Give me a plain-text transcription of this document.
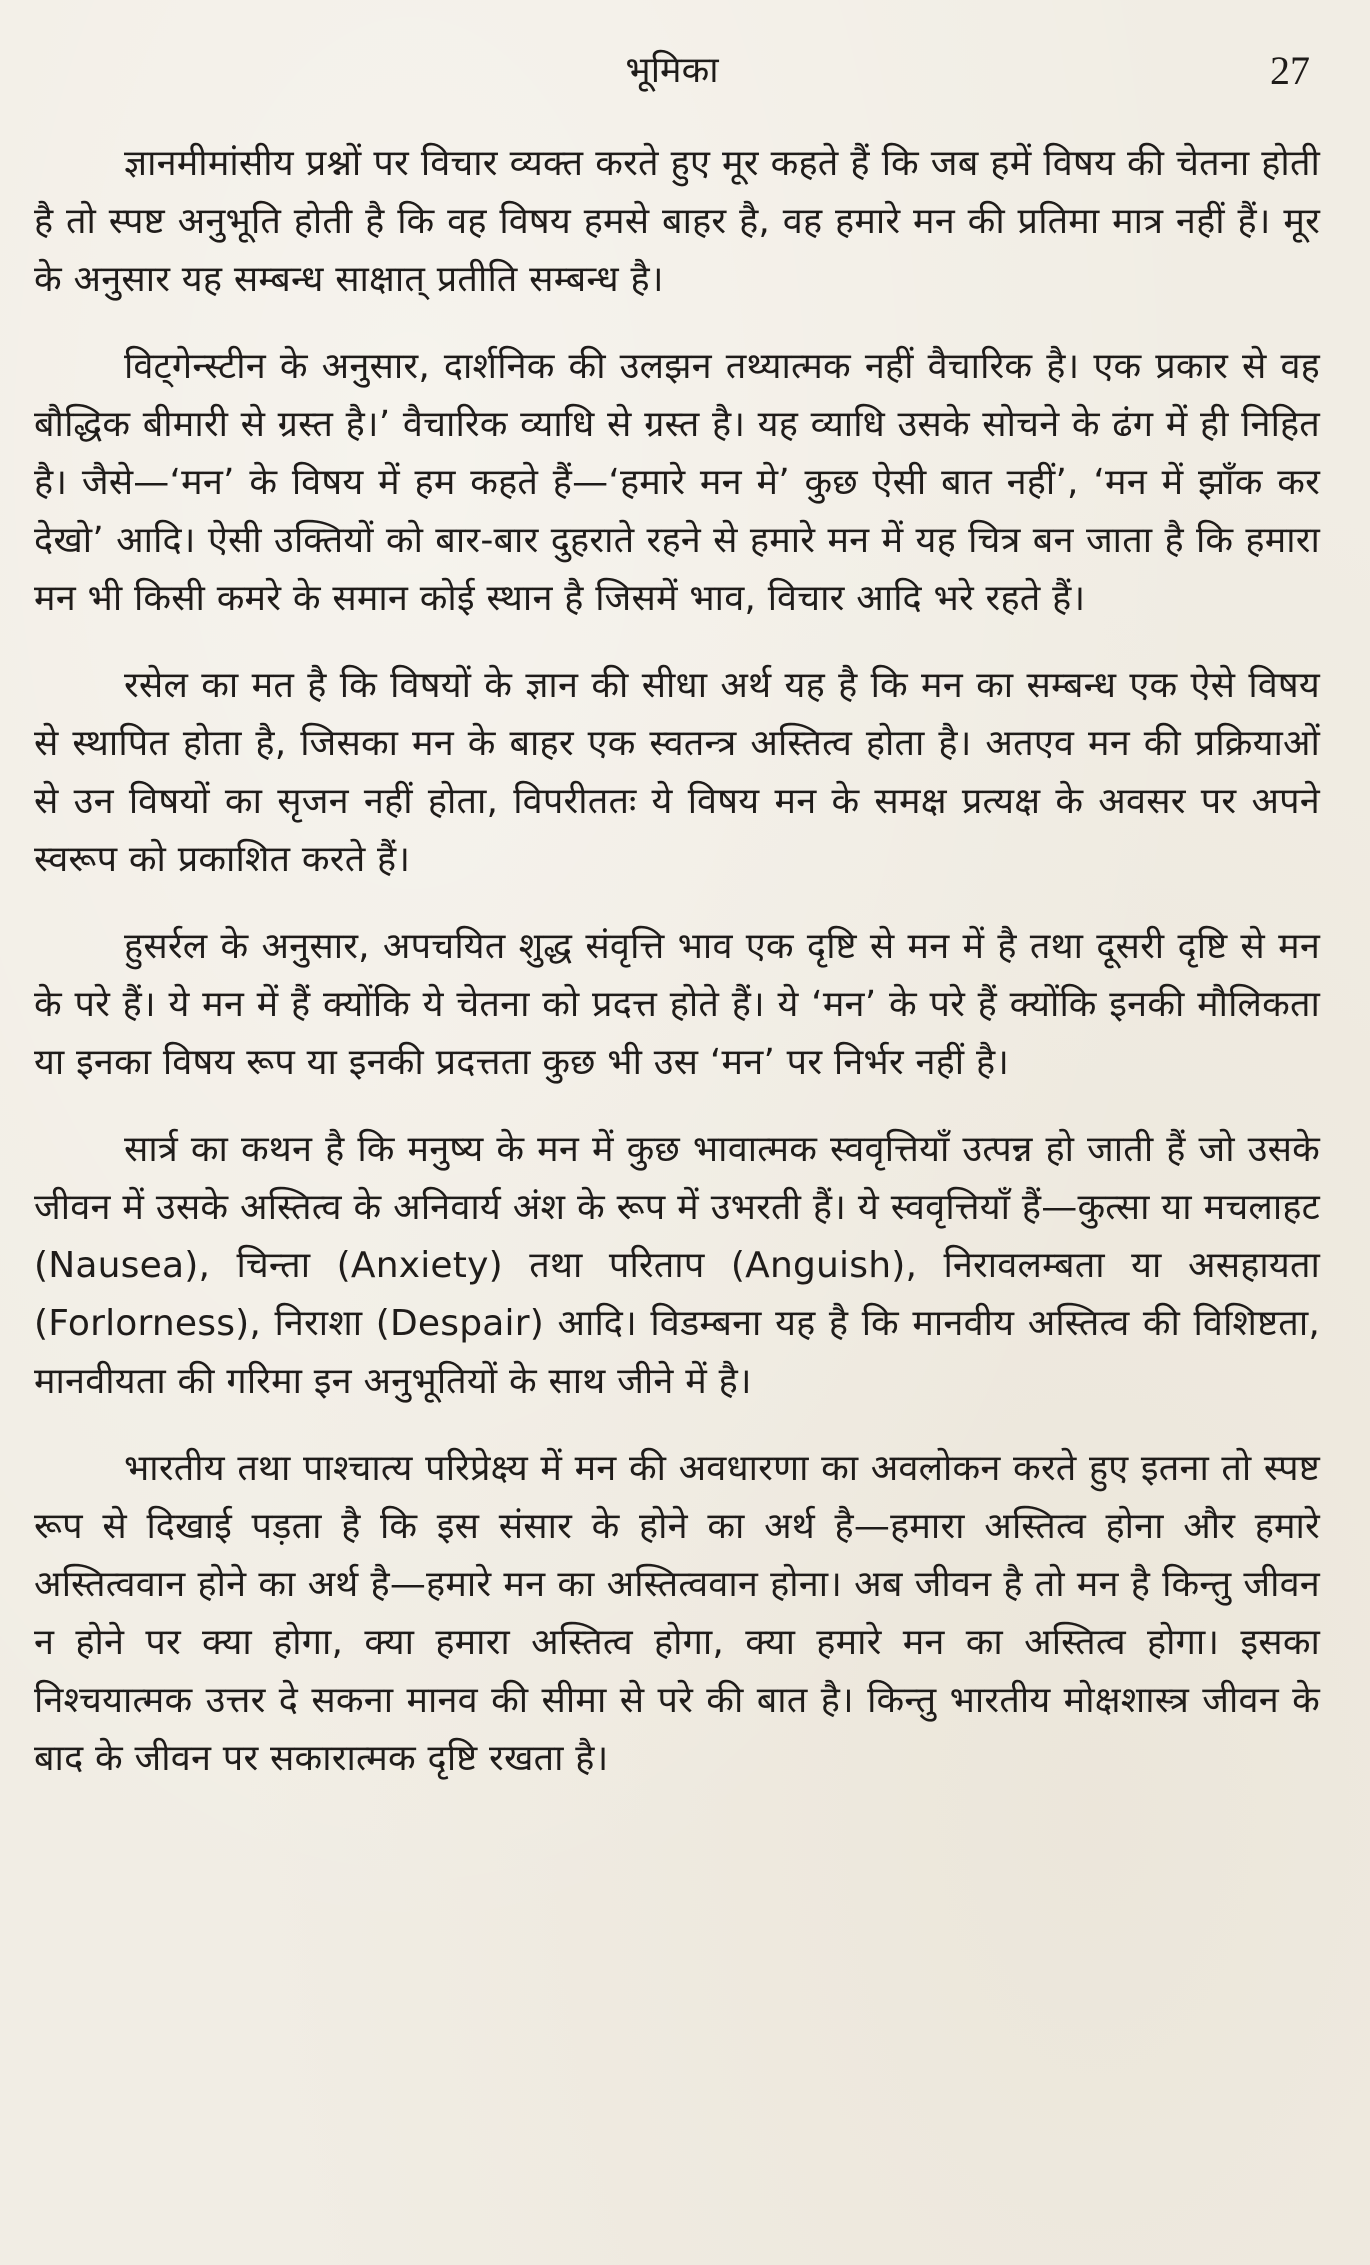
भूमिका	27

ज्ञानमीमांसीय प्रश्नों पर विचार व्यक्त करते हुए मूर कहते हैं कि जब हमें विषय की चेतना होती है तो स्पष्ट अनुभूति होती है कि वह विषय हमसे बाहर है, वह हमारे मन की प्रतिमा मात्र नहीं हैं। मूर के अनुसार यह सम्बन्ध साक्षात् प्रतीति सम्बन्ध है।

विट्गेन्स्टीन के अनुसार, दार्शनिक की उलझन तथ्यात्मक नहीं वैचारिक है। एक प्रकार से वह बौद्धिक बीमारी से ग्रस्त है।’ वैचारिक व्याधि से ग्रस्त है। यह व्याधि उसके सोचने के ढंग में ही निहित है। जैसे—‘मन’ के विषय में हम कहते हैं—‘हमारे मन मे’ कुछ ऐसी बात नहीं’, ‘मन में झाँक कर देखो’ आदि। ऐसी उक्तियों को बार-बार दुहराते रहने से हमारे मन में यह चित्र बन जाता है कि हमारा मन भी किसी कमरे के समान कोई स्थान है जिसमें भाव, विचार आदि भरे रहते हैं।

रसेल का मत है कि विषयों के ज्ञान की सीधा अर्थ यह है कि मन का सम्बन्ध एक ऐसे विषय से स्थापित होता है, जिसका मन के बाहर एक स्वतन्त्र अस्तित्व होता है। अतएव मन की प्रक्रियाओं से उन विषयों का सृजन नहीं होता, विपरीततः ये विषय मन के समक्ष प्रत्यक्ष के अवसर पर अपने स्वरूप को प्रकाशित करते हैं।

हुसर्रल के अनुसार, अपचयित शुद्ध संवृत्ति भाव एक दृष्टि से मन में है तथा दूसरी दृष्टि से मन के परे हैं। ये मन में हैं क्योंकि ये चेतना को प्रदत्त होते हैं। ये ‘मन’ के परे हैं क्योंकि इनकी मौलिकता या इनका विषय रूप या इनकी प्रदत्तता कुछ भी उस ‘मन’ पर निर्भर नहीं है।

सार्त्र का कथन है कि मनुष्य के मन में कुछ भावात्मक स्ववृत्तियाँ उत्पन्न हो जाती हैं जो उसके जीवन में उसके अस्तित्व के अनिवार्य अंश के रूप में उभरती हैं। ये स्ववृत्तियाँ हैं—कुत्सा या मचलाहट (Nausea), चिन्ता (Anxiety) तथा परिताप (Anguish), निरावलम्बता या असहायता (Forlorness), निराशा (Despair) आदि। विडम्बना यह है कि मानवीय अस्तित्व की विशिष्टता, मानवीयता की गरिमा इन अनुभूतियों के साथ जीने में है।

भारतीय तथा पाश्चात्य परिप्रेक्ष्य में मन की अवधारणा का अवलोकन करते हुए इतना तो स्पष्ट रूप से दिखाई पड़ता है कि इस संसार के होने का अर्थ है—हमारा अस्तित्व होना और हमारे अस्तित्ववान होने का अर्थ है—हमारे मन का अस्तित्ववान होना। अब जीवन है तो मन है किन्तु जीवन न होने पर क्या होगा, क्या हमारा अस्तित्व होगा, क्या हमारे मन का अस्तित्व होगा। इसका निश्चयात्मक उत्तर दे सकना मानव की सीमा से परे की बात है। किन्तु भारतीय मोक्षशास्त्र जीवन के बाद के जीवन पर सकारात्मक दृष्टि रखता है।
